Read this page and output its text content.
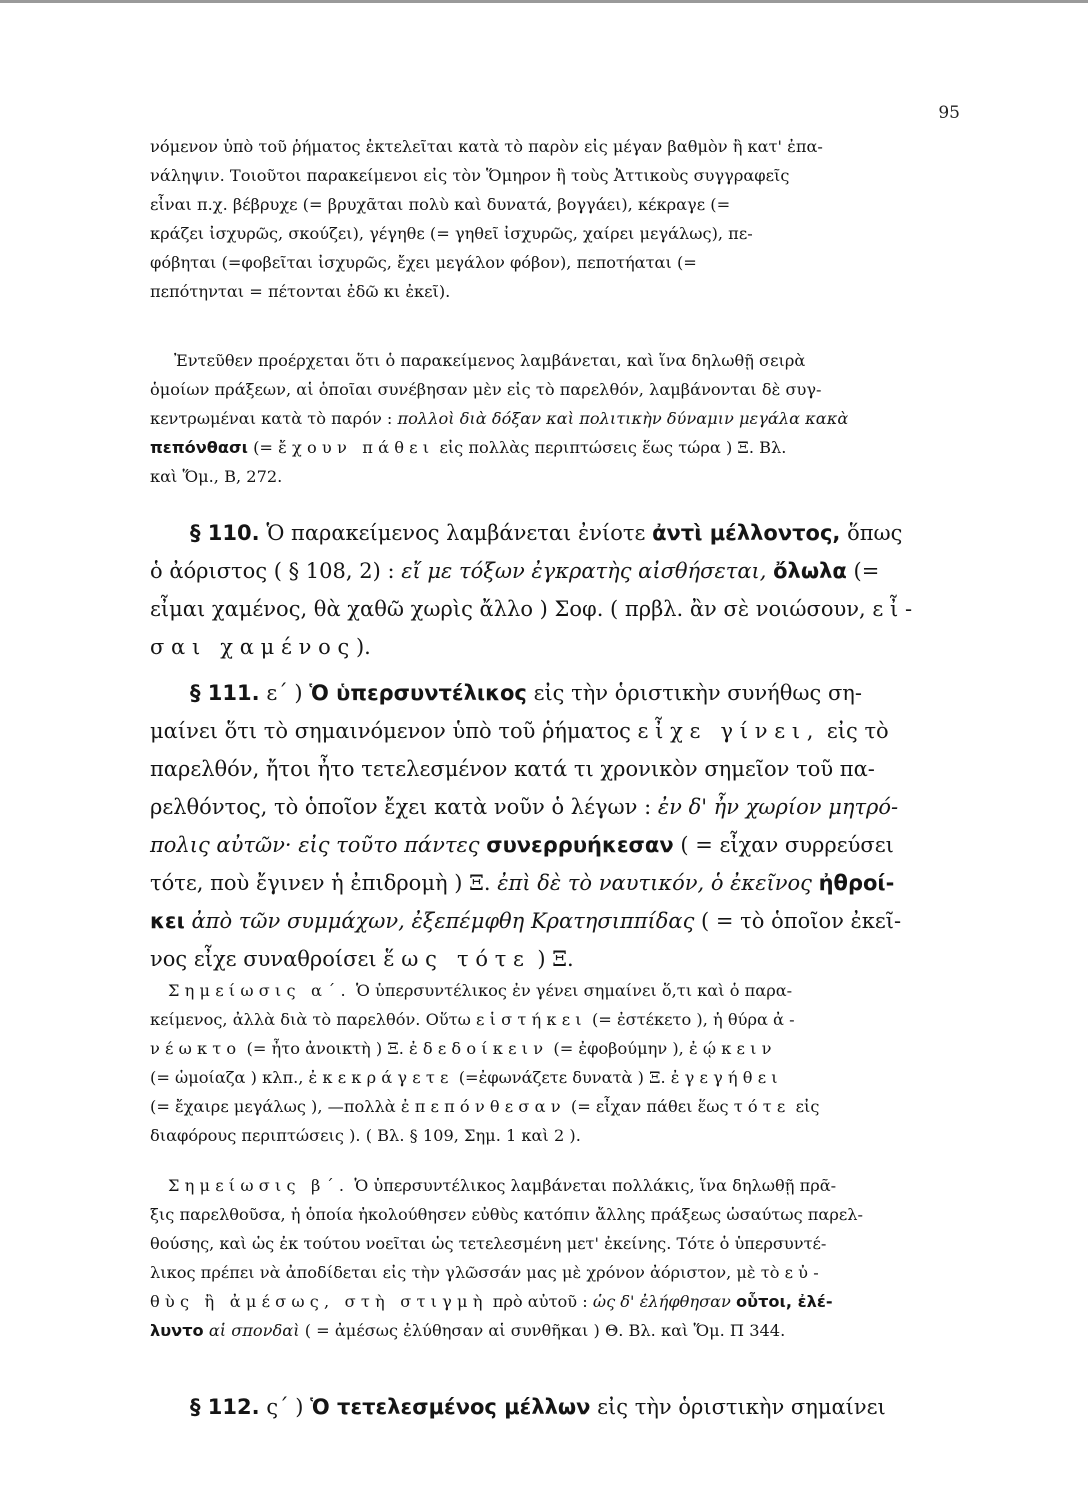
95

νόμενον ὑπὸ τοῦ ῥήματος ἐκτελεῖται κατὰ τὸ παρὸν εἰς μέγαν βαθμὸν ἢ κατ' ἐπα-

νάληψιν. Τοιοῦτοι παρακείμενοι εἰς τὸν Ὅμηρον ἢ τοὺς Ἀττικοὺς συγγραφεῖς

εἶναι π.χ. βέβρυχε (= βρυχᾶται πολὺ καὶ δυνατά, βογγάει), κέκραγε (=

κράζει ἰσχυρῶς, σκούζει), γέγηθε (= γηθεῖ ἰσχυρῶς, χαίρει μεγάλως), πε-

φόβηται (=φοβεῖται ἰσχυρῶς, ἔχει μεγάλον φόβον), πεποτήαται (=

πεπότηνται = πέτονται ἐδῶ κι ἐκεῖ).

Ἐντεῦθεν προέρχεται ὅτι ὁ παρακείμενος λαμβάνεται, καὶ ἵνα δηλωθῇ σειρὰ

ὁμοίων πράξεων, αἱ ὁποῖαι συνέβησαν μὲν εἰς τὸ παρελθόν, λαμβάνονται δὲ συγ-

κεντρωμέναι κατὰ τὸ παρόν : πολλοὶ διὰ δόξαν καὶ πολιτικὴν δύναμιν μεγάλα κακὰ

πεπόνθασι (= ἔχουν πάθει εἰς πολλὰς περιπτώσεις ἕως τώρα ) Ξ. Βλ.

καὶ Ὅμ., Β, 272.

§ 110. Ὁ παρακείμενος λαμβάνεται ἐνίοτε ἀντὶ μέλλοντος, ὅπως

ὁ ἀόριστος ( § 108, 2) : εἴ με τόξων ἐγκρατὴς αἰσθήσεται, ὄλωλα (=

εἶμαι χαμένος, θὰ χαθῶ χωρὶς ἄλλο ) Σοφ. ( πρβλ. ἂν σὲ νοιώσουν, εἶ-

σαι χαμένος).

§ 111. ε΄ ) Ὁ ὑπερσυντέλικος εἰς τὴν ὁριστικὴν συνήθως ση-

μαίνει ὅτι τὸ σημαινόμενον ὑπὸ τοῦ ῥήματος εἶχε γίνει, εἰς τὸ

παρελθόν, ἤτοι ἦτο τετελεσμένον κατά τι χρονικὸν σημεῖον τοῦ πα-

ρελθόντος, τὸ ὁποῖον ἔχει κατὰ νοῦν ὁ λέγων : ἐν δ' ἦν χωρίον μητρό-

πολις αὐτῶν· εἰς τοῦτο πάντες συνερρυήκεσαν ( = εἶχαν συρρεύσει

τότε, ποὺ ἔγινεν ἡ ἐπιδρομὴ ) Ξ. ἐπὶ δὲ τὸ ναυτικόν, ὁ ἐκεῖνος ἠθροί-

κει ἀπὸ τῶν συμμάχων, ἐξεπέμφθη Κρατησιππίδας ( = τὸ ὁποῖον ἐκεῖ-

νος εἶχε συναθροίσει ἕως τότε ) Ξ.

Σημείωσις α΄. Ὁ ὑπερσυντέλικος ἐν γένει σημαίνει ὅ,τι καὶ ὁ παρα-

κείμενος, ἀλλὰ διὰ τὸ παρελθόν. Οὕτω εἱστήκει (= ἐστέκετο ), ἡ θύρα ἀ-

νέωκτο (= ἦτο ἀνοικτὴ ) Ξ. ἐδεδοίκειν (= ἐφοβούμην ), ἐῴκειν

(= ὡμοίαζα ) κλπ., ἐκεκράγετε (=ἐφωνάζετε δυνατὰ ) Ξ. ἐγεγήθει

(= ἔχαιρε μεγάλως ), —πολλὰ ἐπεπόνθεσαν (= εἶχαν πάθει ἕως τότε εἰς

διαφόρους περιπτώσεις ). ( Βλ. § 109, Σημ. 1 καὶ 2 ).

Σημείωσις β΄. Ὁ ὑπερσυντέλικος λαμβάνεται πολλάκις, ἵνα δηλωθῇ πρᾶ-

ξις παρελθοῦσα, ἡ ὁποία ἠκολούθησεν εὐθὺς κατόπιν ἄλλης πράξεως ὡσαύτως παρελ-

θούσης, καὶ ὡς ἐκ τούτου νοεῖται ὡς τετελεσμένη μετ' ἐκείνης. Τότε ὁ ὑπερσυντέ-

λικος πρέπει νὰ ἀποδίδεται εἰς τὴν γλῶσσάν μας μὲ χρόνον ἀόριστον, μὲ τὸ εὐ-

θὺς ἢ ἀμέσως, στὴ στιγμὴ πρὸ αὐτοῦ : ὡς δ' ἐλήφθησαν οὗτοι, ἐλέ-

λυντο αἱ σπονδαὶ ( = ἀμέσως ἐλύθησαν αἱ συνθῆκαι ) Θ. Βλ. καὶ Ὅμ. Π 344.

§ 112. ς΄ ) Ὁ τετελεσμένος μέλλων εἰς τὴν ὁριστικὴν σημαίνει
